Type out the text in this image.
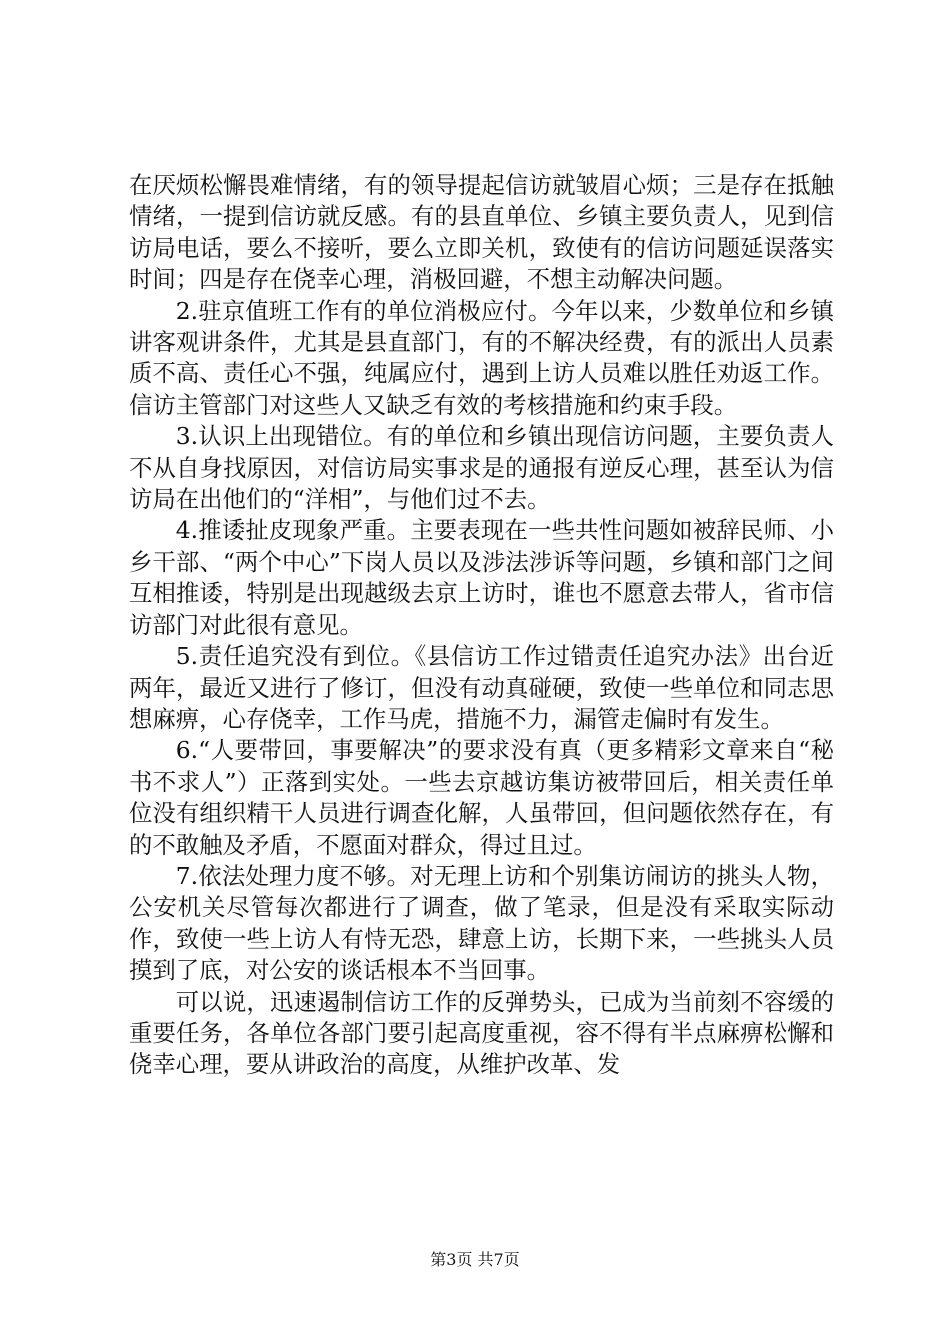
在厌烦松懈畏难情绪，有的领导提起信访就皱眉心烦；三是存在抵触情绪，一提到信访就反感。有的县直单位、乡镇主要负责人，见到信访局电话，要么不接听，要么立即关机，致使有的信访问题延误落实时间；四是存在侥幸心理，消极回避，不想主动解决问题。

2.驻京值班工作有的单位消极应付。今年以来，少数单位和乡镇讲客观讲条件，尤其是县直部门，有的不解决经费，有的派出人员素质不高、责任心不强，纯属应付，遇到上访人员难以胜任劝返工作。信访主管部门对这些人又缺乏有效的考核措施和约束手段。

3.认识上出现错位。有的单位和乡镇出现信访问题，主要负责人不从自身找原因，对信访局实事求是的通报有逆反心理，甚至认为信访局在出他们的“洋相”，与他们过不去。

4.推诿扯皮现象严重。主要表现在一些共性问题如被辞民师、小乡干部、“两个中心”下岗人员以及涉法涉诉等问题，乡镇和部门之间互相推诿，特别是出现越级去京上访时，谁也不愿意去带人，省市信访部门对此很有意见。

5.责任追究没有到位。《县信访工作过错责任追究办法》出台近两年，最近又进行了修订，但没有动真碰硬，致使一些单位和同志思想麻痹，心存侥幸，工作马虎，措施不力，漏管走偏时有发生。

6.“人要带回，事要解决”的要求没有真（更多精彩文章来自“秘书不求人”）正落到实处。一些去京越访集访被带回后，相关责任单位没有组织精干人员进行调查化解，人虽带回，但问题依然存在，有的不敢触及矛盾，不愿面对群众，得过且过。

7.依法处理力度不够。对无理上访和个别集访闹访的挑头人物，公安机关尽管每次都进行了调查，做了笔录，但是没有采取实际动作，致使一些上访人有恃无恐，肆意上访，长期下来，一些挑头人员摸到了底，对公安的谈话根本不当回事。

可以说，迅速遏制信访工作的反弹势头，已成为当前刻不容缓的重要任务，各单位各部门要引起高度重视，容不得有半点麻痹松懈和侥幸心理，要从讲政治的高度，从维护改革、发

第3页 共7页
